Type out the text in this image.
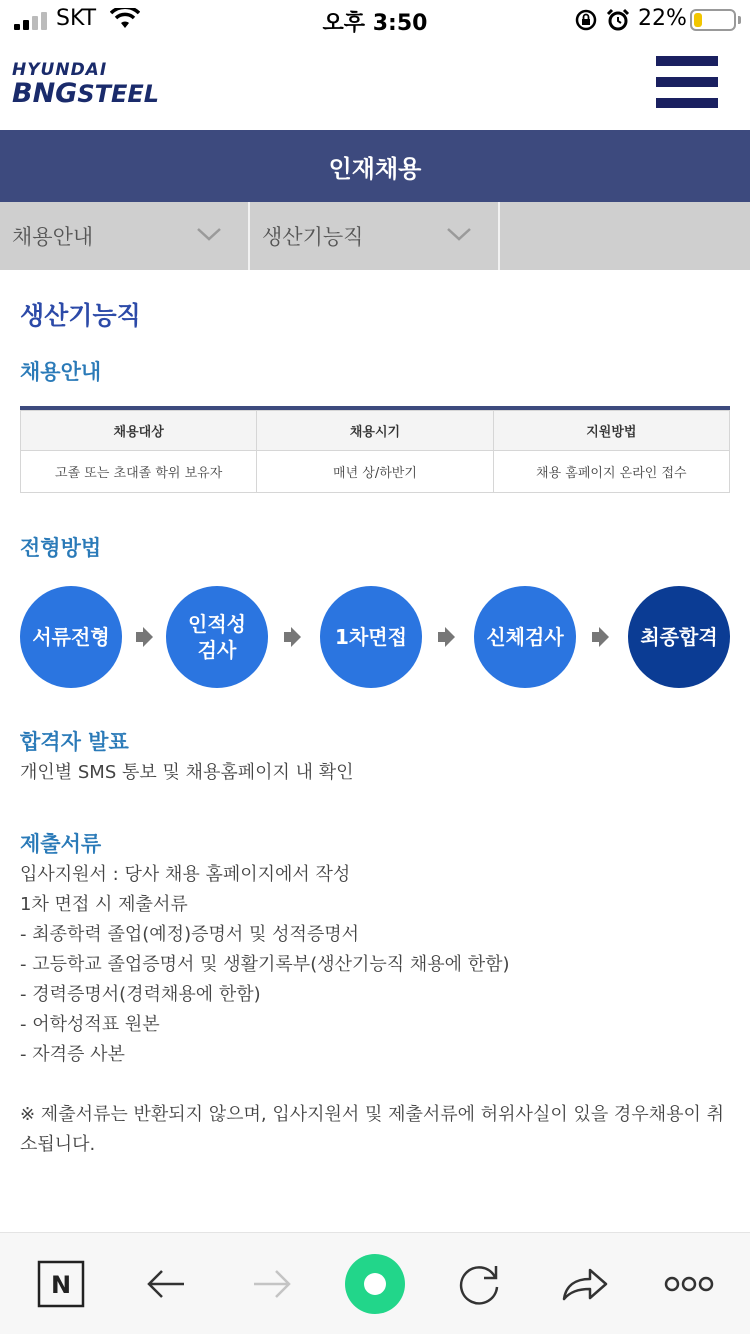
SKT	오후 3:50	22%
HYUNDAI
BNGSTEEL
인재채용
채용안내	생산기능직
생산기능직
채용안내
채용대상	채용시기	지원방법
고졸 또는 초대졸 학위 보유자	매년 상/하반기	채용 홈페이지 온라인 접수
전형방법
서류전형
인적성
검사
1차면접	신체검사	최종합격
합격자 발표
개인별 SMS 통보 및 채용홈페이지 내 확인
제출서류
입사지원서 : 당사 채용 홈페이지에서 작성
1차 면접 시 제출서류
- 최종학력 졸업(예정)증명서 및 성적증명서
- 고등학교 졸업증명서 및 생활기록부(생산기능직 채용에 한함)
- 경력증명서(경력채용에 한함)
- 어학성적표 원본
- 자격증 사본
※ 제출서류는 반환되지 않으며, 입사지원서 및 제출서류에 허위사실이 있을 경우채용이 취
소됩니다.
N
